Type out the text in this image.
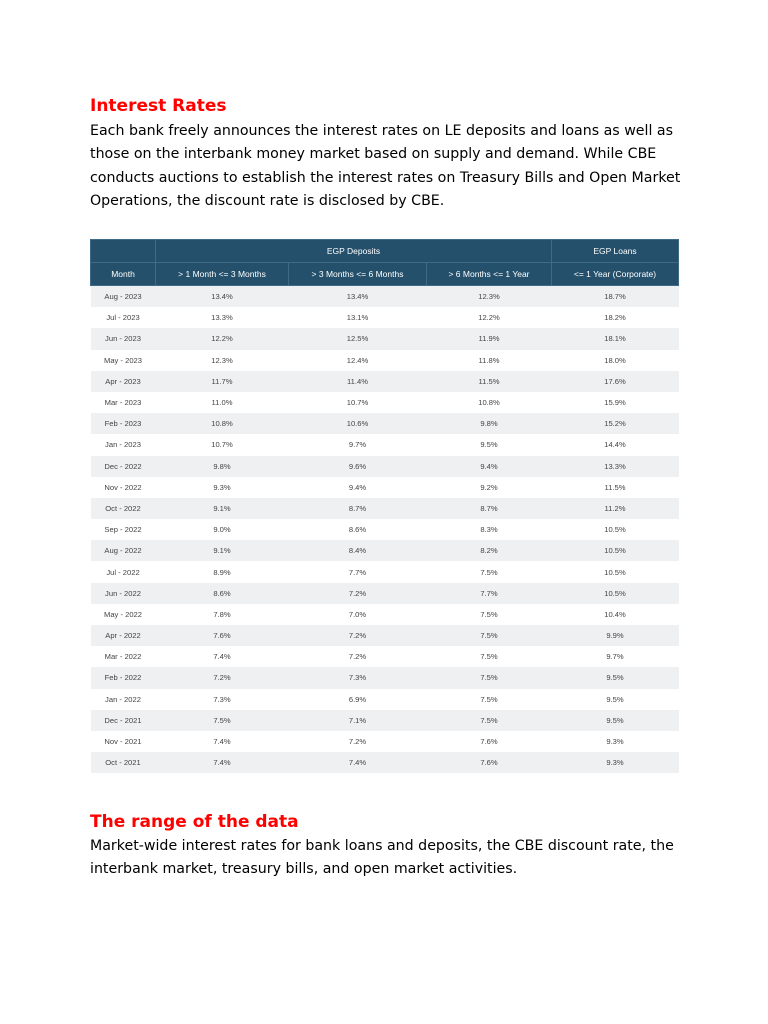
Interest Rates

Each bank freely announces the interest rates on LE deposits and loans as well as those on the interbank money market based on supply and demand. While CBE conducts auctions to establish the interest rates on Treasury Bills and Open Market Operations, the discount rate is disclosed by CBE.

	EGP Deposits			EGP Loans
Month	> 1 Month <= 3 Months	> 3 Months <= 6 Months	> 6 Months <= 1 Year	<= 1 Year (Corporate)
Aug - 2023	13.4%	13.4%	12.3%	18.7%
Jul - 2023	13.3%	13.1%	12.2%	18.2%
Jun - 2023	12.2%	12.5%	11.9%	18.1%
May - 2023	12.3%	12.4%	11.8%	18.0%
Apr - 2023	11.7%	11.4%	11.5%	17.6%
Mar - 2023	11.0%	10.7%	10.8%	15.9%
Feb - 2023	10.8%	10.6%	9.8%	15.2%
Jan - 2023	10.7%	9.7%	9.5%	14.4%
Dec - 2022	9.8%	9.6%	9.4%	13.3%
Nov - 2022	9.3%	9.4%	9.2%	11.5%
Oct - 2022	9.1%	8.7%	8.7%	11.2%
Sep - 2022	9.0%	8.6%	8.3%	10.5%
Aug - 2022	9.1%	8.4%	8.2%	10.5%
Jul - 2022	8.9%	7.7%	7.5%	10.5%
Jun - 2022	8.6%	7.2%	7.7%	10.5%
May - 2022	7.8%	7.0%	7.5%	10.4%
Apr - 2022	7.6%	7.2%	7.5%	9.9%
Mar - 2022	7.4%	7.2%	7.5%	9.7%
Feb - 2022	7.2%	7.3%	7.5%	9.5%
Jan - 2022	7.3%	6.9%	7.5%	9.5%
Dec - 2021	7.5%	7.1%	7.5%	9.5%
Nov - 2021	7.4%	7.2%	7.6%	9.3%
Oct - 2021	7.4%	7.4%	7.6%	9.3%
The range of the data

Market-wide interest rates for bank loans and deposits, the CBE discount rate, the interbank market, treasury bills, and open market activities.
